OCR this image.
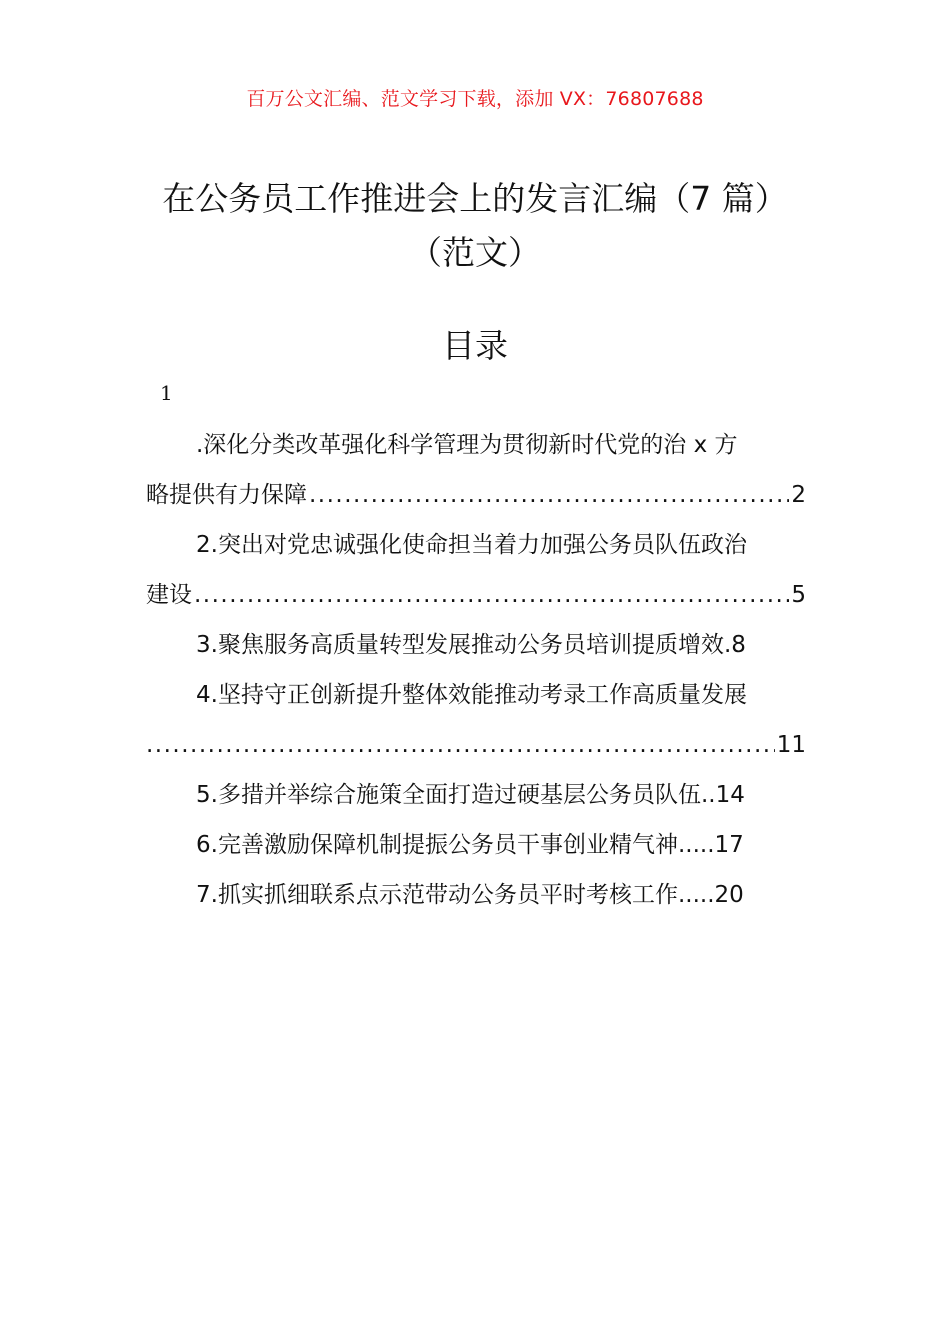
百万公文汇编、范文学习下载，添加 VX：76807688
在公务员工作推进会上的发言汇编（7 篇）
（范文）
目录
1
.深化分类改革强化科学管理为贯彻新时代党的治 x 方
略提供有力保障 .....	2
2.突出对党忠诚强化使命担当着力加强公务员队伍政治
建设 .....	5
3.聚焦服务高质量转型发展推动公务员培训提质增效. 8
4.坚持守正创新提升整体效能推动考录工作高质量发展
.....
11
5.多措并举综合施策全面打造过硬基层公务员队伍.. 14
6.完善激励保障机制提振公务员干事创业精气神..... 17
7.抓实抓细联系点示范带动公务员平时考核工作..... 20
